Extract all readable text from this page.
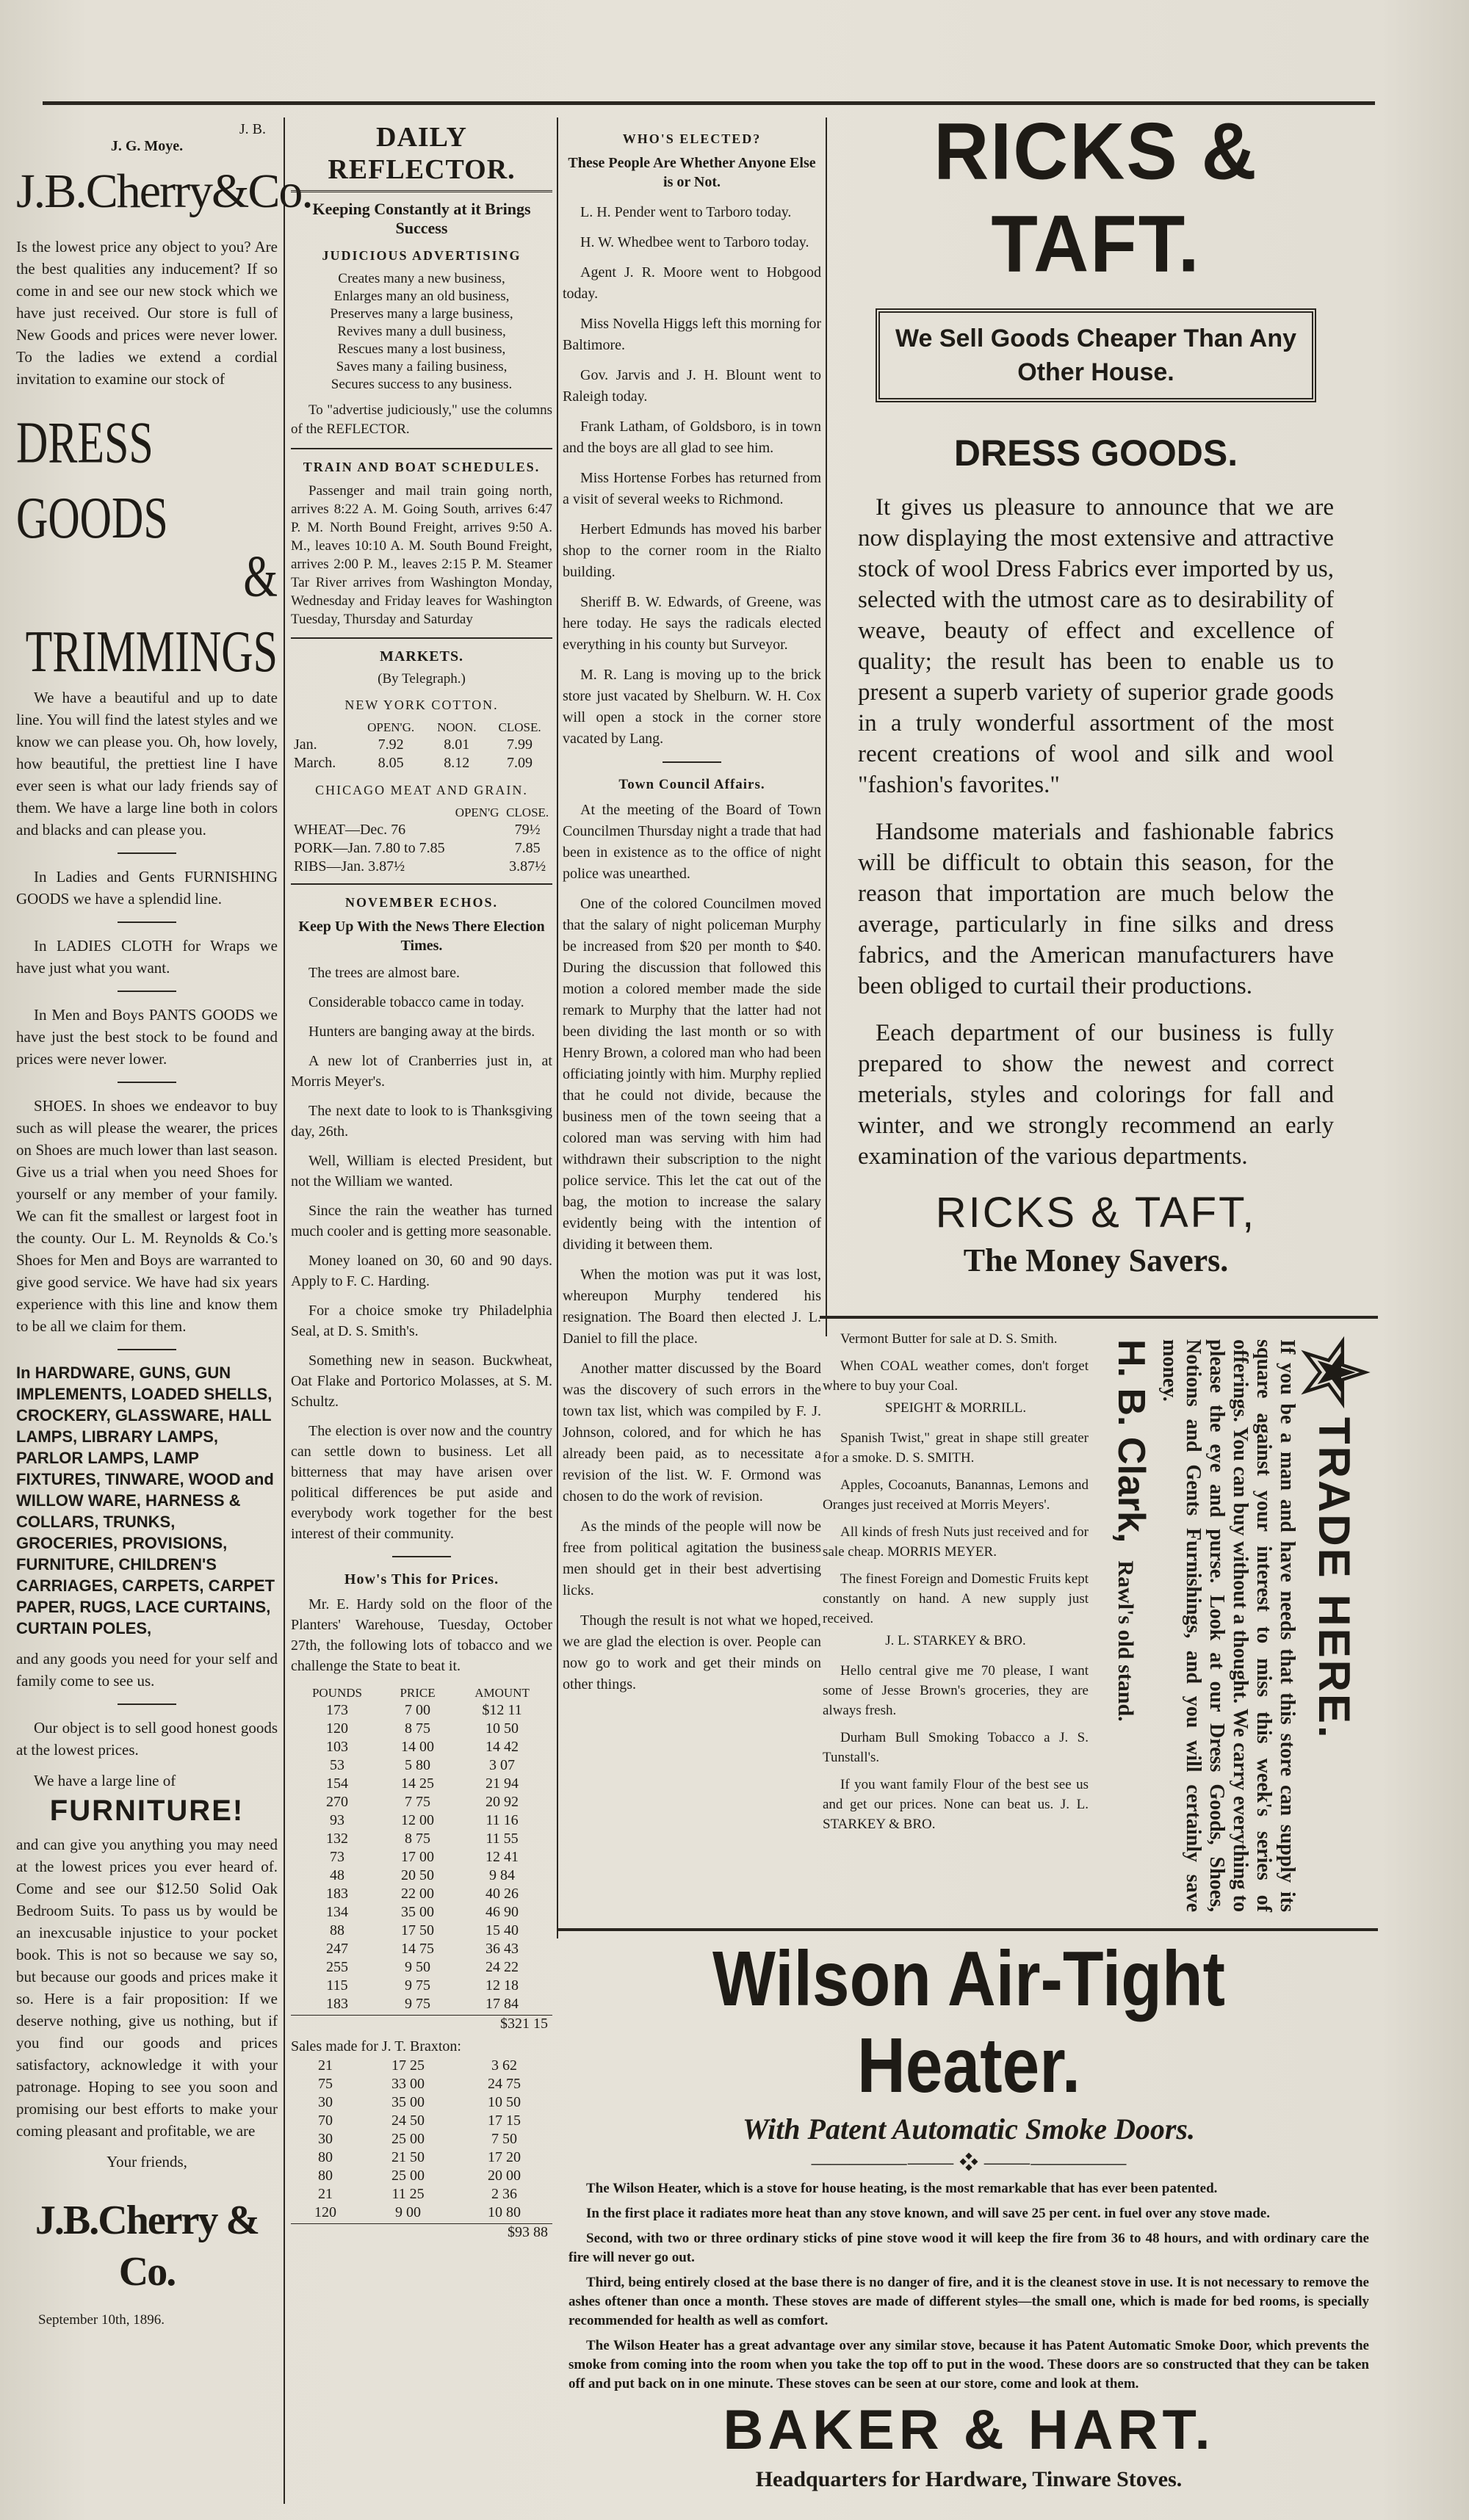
J. B.
J. G. Moye.
J.B.Cherry&Co.
Is the lowest price any object to you? Are the best qualities any inducement? If so come in and see our new stock which we have just received. Our store is full of New Goods and prices were never lower. To the ladies we extend a cordial invitation to examine our stock of
DRESS GOODS
& TRIMMINGS
We have a beautiful and up to date line. You will find the latest styles and we know we can please you. Oh, how lovely, how beautiful, the prettiest line I have ever seen is what our lady friends say of them. We have a large line both in colors and blacks and can please you.
In Ladies and Gents FURNISHING GOODS we have a splendid line.
In LADIES CLOTH for Wraps we have just what you want.
In Men and Boys PANTS GOODS we have just the best stock to be found and prices were never lower.
SHOES. In shoes we endeavor to buy such as will please the wearer, the prices on Shoes are much lower than last season. Give us a trial when you need Shoes for yourself or any member of your family. We can fit the smallest or largest foot in the county. Our L. M. Reynolds & Co.'s Shoes for Men and Boys are warranted to give good service. We have had six years experience with this line and know them to be all we claim for them.
In HARDWARE, GUNS, GUN IMPLEMENTS, LOADED SHELLS, CROCKERY, GLASSWARE, HALL LAMPS, LIBRARY LAMPS, PARLOR LAMPS, LAMP FIXTURES, TINWARE, WOOD and WILLOW WARE, HARNESS & COLLARS, TRUNKS, GROCERIES, PROVISIONS, FURNITURE, CHILDREN'S CARRIAGES, CARPETS, CARPET PAPER, RUGS, LACE CURTAINS, CURTAIN POLES,
and any goods you need for your self and family come to see us.
Our object is to sell good honest goods at the lowest prices.
We have a large line of
FURNITURE!
and can give you anything you may need at the lowest prices you ever heard of. Come and see our $12.50 Solid Oak Bedroom Suits. To pass us by would be an inexcusable injustice to your pocket book. This is not so because we say so, but because our goods and prices make it so. Here is a fair proposition: If we deserve nothing, give us nothing, but if you find our goods and prices satisfactory, acknowledge it with your patronage. Hoping to see you soon and promising our best efforts to make your coming pleasant and profitable, we are
Your friends,
J.B.Cherry & Co.
September 10th, 1896.
DAILY REFLECTOR.
Keeping Constantly at it Brings Success
JUDICIOUS ADVERTISING
Creates many a new business,
Enlarges many an old business,
Preserves many a large business,
Revives many a dull business,
Rescues many a lost business,
Saves many a failing business,
Secures success to any business.
To "advertise judiciously," use the columns of the REFLECTOR.
TRAIN AND BOAT SCHEDULES.
Passenger and mail train going north, arrives 8:22 A. M. Going South, arrives 6:47 P. M. North Bound Freight, arrives 9:50 A. M., leaves 10:10 A. M. South Bound Freight, arrives 2:00 P. M., leaves 2:15 P. M. Steamer Tar River arrives from Washington Monday, Wednesday and Friday leaves for Washington Tuesday, Thursday and Saturday
MARKETS.
(By Telegraph.)
NEW YORK COTTON.
	OPEN'G.	NOON.	CLOSE.
Jan.	7.92	8.01	7.99
March.	8.05	8.12	7.09
CHICAGO MEAT AND GRAIN.
	OPEN'G	CLOSE.
WHEAT—Dec. 76		79½
PORK—Jan. 7.80 to 7.85		7.85
RIBS—Jan. 3.87½		3.87½
NOVEMBER ECHOS.
Keep Up With the News There Election Times.
The trees are almost bare.
Considerable tobacco came in today.
Hunters are banging away at the birds.
A new lot of Cranberries just in, at Morris Meyer's.
The next date to look to is Thanksgiving day, 26th.
Well, William is elected President, but not the William we wanted.
Since the rain the weather has turned much cooler and is getting more seasonable.
Money loaned on 30, 60 and 90 days. Apply to F. C. Harding.
For a choice smoke try Philadelphia Seal, at D. S. Smith's.
Something new in season. Buckwheat, Oat Flake and Portorico Molasses, at S. M. Schultz.
The election is over now and the country can settle down to business. Let all bitterness that may have arisen over political differences be put aside and everybody work together for the best interest of their community.
How's This for Prices.
Mr. E. Hardy sold on the floor of the Planters' Warehouse, Tuesday, October 27th, the following lots of tobacco and we challenge the State to beat it.
POUNDS	PRICE	AMOUNT
173	7 00	$12 11
120	8 75	10 50
103	14 00	14 42
53	5 80	3 07
154	14 25	21 94
270	7 75	20 92
93	12 00	11 16
132	8 75	11 55
73	17 00	12 41
48	20 50	9 84
183	22 00	40 26
134	35 00	46 90
88	17 50	15 40
247	14 75	36 43
255	9 50	24 22
115	9 75	12 18
183	9 75	17 84
$321 15
Sales made for J. T. Braxton:
21	17 25	3 62
75	33 00	24 75
30	35 00	10 50
70	24 50	17 15
30	25 00	7 50
80	21 50	17 20
80	25 00	20 00
21	11 25	2 36
120	9 00	10 80
$93 88
WHO'S ELECTED?
These People Are Whether Anyone Else is or Not.
L. H. Pender went to Tarboro today.
H. W. Whedbee went to Tarboro today.
Agent J. R. Moore went to Hobgood today.
Miss Novella Higgs left this morning for Baltimore.
Gov. Jarvis and J. H. Blount went to Raleigh today.
Frank Latham, of Goldsboro, is in town and the boys are all glad to see him.
Miss Hortense Forbes has returned from a visit of several weeks to Richmond.
Herbert Edmunds has moved his barber shop to the corner room in the Rialto building.
Sheriff B. W. Edwards, of Greene, was here today. He says the radicals elected everything in his county but Surveyor.
M. R. Lang is moving up to the brick store just vacated by Shelburn. W. H. Cox will open a stock in the corner store vacated by Lang.
Town Council Affairs.
At the meeting of the Board of Town Councilmen Thursday night a trade that had been in existence as to the office of night police was unearthed.
One of the colored Councilmen moved that the salary of night policeman Murphy be increased from $20 per month to $40. During the discussion that followed this motion a colored member made the side remark to Murphy that the latter had not been dividing the last month or so with Henry Brown, a colored man who had been officiating jointly with him. Murphy replied that he could not divide, because the business men of the town seeing that a colored man was serving with him had withdrawn their subscription to the night police service. This let the cat out of the bag, the motion to increase the salary evidently being with the intention of dividing it between them.
When the motion was put it was lost, whereupon Murphy tendered his resignation. The Board then elected J. L. Daniel to fill the place.
Another matter discussed by the Board was the discovery of such errors in the town tax list, which was compiled by F. J. Johnson, colored, and for which he has already been paid, as to necessitate a revision of the list. W. F. Ormond was chosen to do the work of revision.
As the minds of the people will now be free from political agitation the business men should get in their best advertising licks.
Though the result is not what we hoped, we are glad the election is over. People can now go to work and get their minds on other things.
RICKS & TAFT.
We Sell Goods Cheaper Than Any Other House.
DRESS GOODS.
It gives us pleasure to announce that we are now displaying the most extensive and attractive stock of wool Dress Fabrics ever imported by us, selected with the utmost care as to desirability of weave, beauty of effect and excellence of quality; the result has been to enable us to present a superb variety of superior grade goods in a truly wonderful assortment of the most recent creations of wool and silk and wool "fashion's favorites."
Handsome materials and fashionable fabrics will be difficult to obtain this season, for the reason that importation are much below the average, particularly in fine silks and dress fabrics, and the American manufacturers have been obliged to curtail their productions.
Eeach department of our business is fully prepared to show the newest and correct meterials, styles and colorings for fall and winter, and we strongly recommend an early examination of the various departments.
RICKS & TAFT,
The Money Savers.
Vermont Butter for sale at D. S. Smith.
When COAL weather comes, don't forget where to buy your Coal.
SPEIGHT & MORRILL.
Spanish Twist," great in shape still greater for a smoke. D. S. SMITH.
Apples, Cocoanuts, Banannas, Lemons and Oranges just received at Morris Meyers'.
All kinds of fresh Nuts just received and for sale cheap. MORRIS MEYER.
The finest Foreign and Domestic Fruits kept constantly on hand. A new supply just received.
J. L. STARKEY & BRO.
Hello central give me 70 please, I want some of Jesse Brown's groceries, they are always fresh.
Durham Bull Smoking Tobacco a J. S. Tunstall's.
If you want family Flour of the best see us and get our prices. None can beat us. J. L. STARKEY & BRO.
TRADE HERE.
If you be a man and have needs that this store can supply its square against your interest to miss this week's series of offerings. You can buy without a thought. We carry everything to please the eye and purse. Look at our Dress Goods, Shoes, Notions and Gents Furnishings, and you will certainly save money.
H. B. Clark,
Rawl's old stand.
Wilson Air-Tight Heater.
With Patent Automatic Smoke Doors.
—————⸻ ❖ ⸻—————
The Wilson Heater, which is a stove for house heating, is the most remarkable that has ever been patented.
In the first place it radiates more heat than any stove known, and will save 25 per cent. in fuel over any stove made.
Second, with two or three ordinary sticks of pine stove wood it will keep the fire from 36 to 48 hours, and with ordinary care the fire will never go out.
Third, being entirely closed at the base there is no danger of fire, and it is the cleanest stove in use. It is not necessary to remove the ashes oftener than once a month. These stoves are made of different styles—the small one, which is made for bed rooms, is specially recommended for health as well as comfort.
The Wilson Heater has a great advantage over any similar stove, because it has Patent Automatic Smoke Door, which prevents the smoke from coming into the room when you take the top off to put in the wood. These doors are so constructed that they can be taken off and put back on in one minute. These stoves can be seen at our store, come and look at them.
BAKER & HART.
Headquarters for Hardware, Tinware Stoves.
